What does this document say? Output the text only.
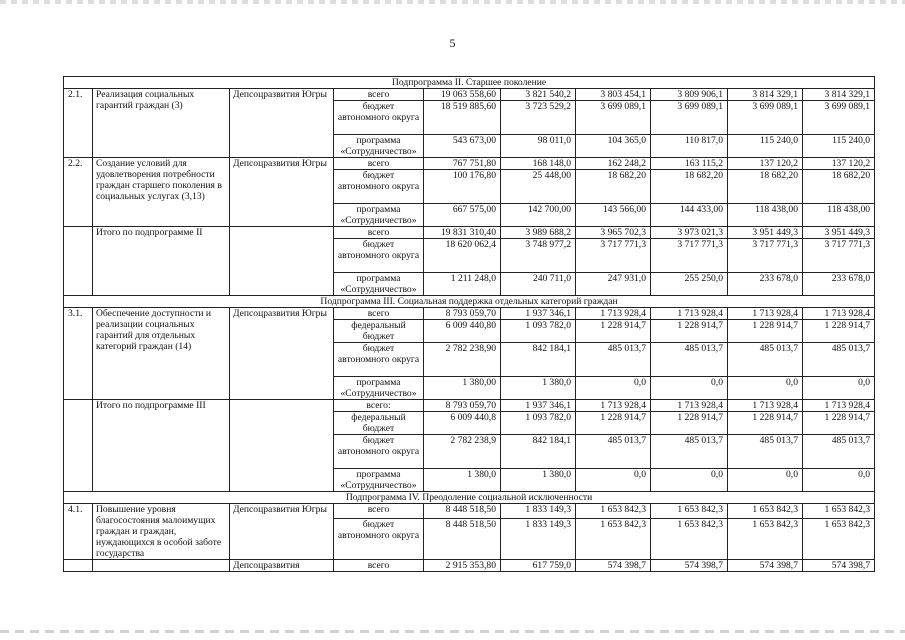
5
Подпрограмма II. Старшее поколение									
2.1.	Реализация социальных гарантий граждан (3)	Депсоцразвития Югры	всего	19 063 558,60	3 821 540,2	3 803 454,1	3 809 906,1	3 814 329,1	3 814 329,1
			бюджет автономного округа	18 519 885,60	3 723 529,2	3 699 089,1	3 699 089,1	3 699 089,1	3 699 089,1
			программа «Сотрудничество»	543 673,00	98 011,0	104 365,0	110 817,0	115 240,0	115 240,0
2.2.	Создание условий для удовлетворения потребности граждан старшего поколения в социальных услугах (3,13)	Депсоцразвития Югры	всего	767 751,80	168 148,0	162 248,2	163 115,2	137 120,2	137 120,2
			бюджет автономного округа	100 176,80	25 448,00	18 682,20	18 682,20	18 682,20	18 682,20
			программа «Сотрудничество»	667 575,00	142 700,00	143 566,00	144 433,00	118 438,00	118 438,00
	Итого по подпрограмме II		всего	19 831 310,40	3 989 688,2	3 965 702,3	3 973 021,3	3 951 449,3	3 951 449,3
			бюджет автономного округа	18 620 062,4	3 748 977,2	3 717 771,3	3 717 771,3	3 717 771,3	3 717 771,3
			программа «Сотрудничество»	1 211 248,0	240 711,0	247 931,0	255 250,0	233 678,0	233 678,0
Подпрограмма III. Социальная поддержка отдельных категорий граждан									
3.1.	Обеспечение доступности и реализации социальных гарантий для отдельных категорий граждан (14)	Депсоцразвития Югры	всего	8 793 059,70	1 937 346,1	1 713 928,4	1 713 928,4	1 713 928,4	1 713 928,4
			федеральный бюджет	6 009 440,80	1 093 782,0	1 228 914,7	1 228 914,7	1 228 914,7	1 228 914,7
			бюджет автономного округа	2 782 238,90	842 184,1	485 013,7	485 013,7	485 013,7	485 013,7
			программа «Сотрудничество»	1 380,00	1 380,0	0,0	0,0	0,0	0,0
	Итого по подпрограмме III		всего:	8 793 059,70	1 937 346,1	1 713 928,4	1 713 928,4	1 713 928,4	1 713 928,4
			федеральный бюджет	6 009 440,8	1 093 782,0	1 228 914,7	1 228 914,7	1 228 914,7	1 228 914,7
			бюджет автономного округа	2 782 238,9	842 184,1	485 013,7	485 013,7	485 013,7	485 013,7
			программа «Сотрудничество»	1 380,0	1 380,0	0,0	0,0	0,0	0,0
Подпрограмма IV. Преодоление социальной исключенности									
4.1.	Повышение уровня благосостояния малоимущих граждан и граждан, нуждающихся в особой заботе государства	Депсоцразвития Югры	всего	8 448 518,50	1 833 149,3	1 653 842,3	1 653 842,3	1 653 842,3	1 653 842,3
			бюджет автономного округа	8 448 518,50	1 833 149,3	1 653 842,3	1 653 842,3	1 653 842,3	1 653 842,3
		Депсоцразвития	всего	2 915 353,80	617 759,0	574 398,7	574 398,7	574 398,7	574 398,7
